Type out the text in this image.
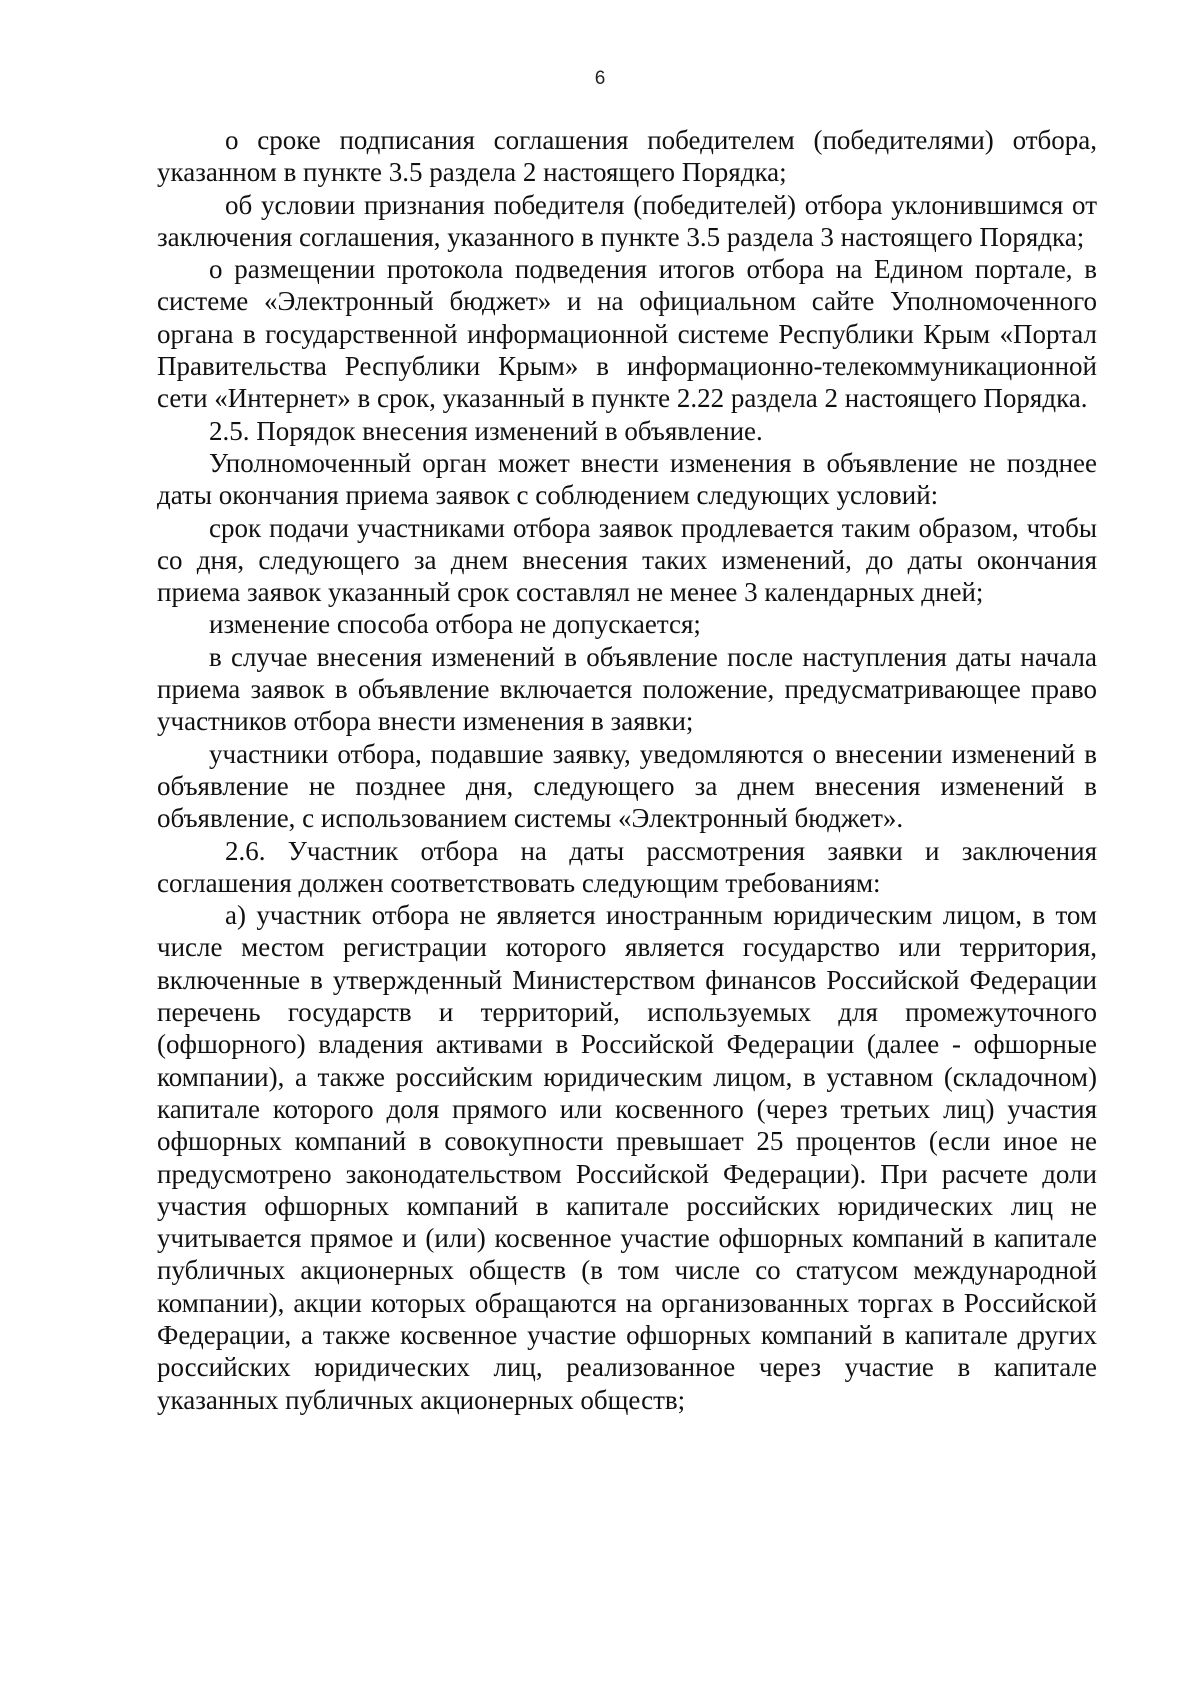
6

о сроке подписания соглашения победителем (победителями) отбора, указанном в пункте 3.5 раздела 2 настоящего Порядка;

об условии признания победителя (победителей) отбора уклонившимся от заключения соглашения, указанного в пункте 3.5 раздела 3 настоящего Порядка;

о размещении протокола подведения итогов отбора на Едином портале, в системе «Электронный бюджет» и на официальном сайте Уполномоченного органа в государственной информационной системе Республики Крым «Портал Правительства Республики Крым» в информационно-телекоммуникационной сети «Интернет» в срок, указанный в пункте 2.22 раздела 2 настоящего Порядка.

2.5. Порядок внесения изменений в объявление.

Уполномоченный орган может внести изменения в объявление не позднее даты окончания приема заявок с соблюдением следующих условий:

срок подачи участниками отбора заявок продлевается таким образом, чтобы со дня, следующего за днем внесения таких изменений, до даты окончания приема заявок указанный срок составлял не менее 3 календарных дней;

изменение способа отбора не допускается;

в случае внесения изменений в объявление после наступления даты начала приема заявок в объявление включается положение, предусматривающее право участников отбора внести изменения в заявки;

участники отбора, подавшие заявку, уведомляются о внесении изменений в объявление не позднее дня, следующего за днем внесения изменений в объявление, с использованием системы «Электронный бюджет».

2.6. Участник отбора на даты рассмотрения заявки и заключения соглашения должен соответствовать следующим требованиям:

а) участник отбора не является иностранным юридическим лицом, в том числе местом регистрации которого является государство или территория, включенные в утвержденный Министерством финансов Российской Федерации перечень государств и территорий, используемых для промежуточного (офшорного) владения активами в Российской Федерации (далее - офшорные компании), а также российским юридическим лицом, в уставном (складочном) капитале которого доля прямого или косвенного (через третьих лиц) участия офшорных компаний в совокупности превышает 25 процентов (если иное не предусмотрено законодательством Российской Федерации). При расчете доли участия офшорных компаний в капитале российских юридических лиц не учитывается прямое и (или) косвенное участие офшорных компаний в капитале публичных акционерных обществ (в том числе со статусом международной компании), акции которых обращаются на организованных торгах в Российской Федерации, а также косвенное участие офшорных компаний в капитале других российских юридических лиц, реализованное через участие в капитале указанных публичных акционерных обществ;
